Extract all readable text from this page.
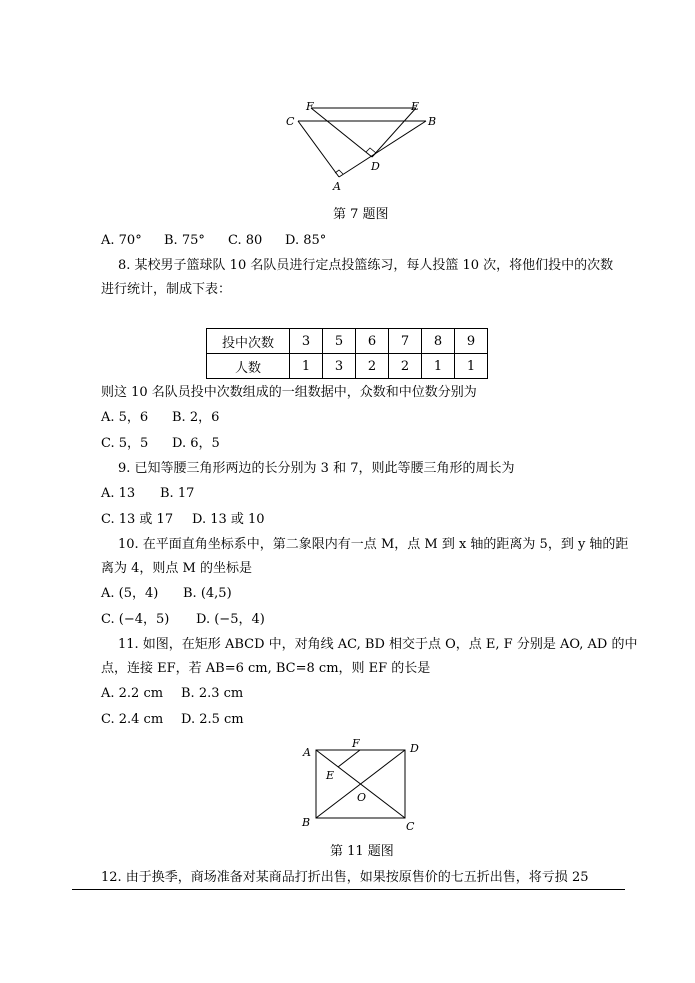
F	E
C	B
D
A
第 7 题图
A. 70° B. 75° C. 80 D. 85°
8. 某校男子篮球队 10 名队员进行定点投篮练习，每人投篮 10 次，将他们投中的次数
进行统计，制成下表：
投中次数	3	5	6	7	8	9
人数	1	3	2	2	1	1
则这 10 名队员投中次数组成的一组数据中，众数和中位数分别为
A. 5，6 B. 2，6
C. 5，5 D. 6，5
9. 已知等腰三角形两边的长分别为 3 和 7，则此等腰三角形的周长为
A. 13 B. 17
C. 13 或 17 D. 13 或 10
10. 在平面直角坐标系中，第二象限内有一点 M，点 M 到 x 轴的距离为 5，到 y 轴的距
离为 4，则点 M 的坐标是
A. (5，4) B. (4,5)
C. (−4，5) D. (−5，4)
11. 如图，在矩形 ABCD 中，对角线 AC, BD 相交于点 O，点 E, F 分别是 AO, AD 的中
点，连接 EF，若 AB=6 cm, BC=8 cm，则 EF 的长是
A. 2.2 cm B. 2.3 cm
C. 2.4 cm D. 2.5 cm
A
F	D
E
O
B	C
第 11 题图
12. 由于换季，商场准备对某商品打折出售，如果按原售价的七五折出售，将亏损 25
